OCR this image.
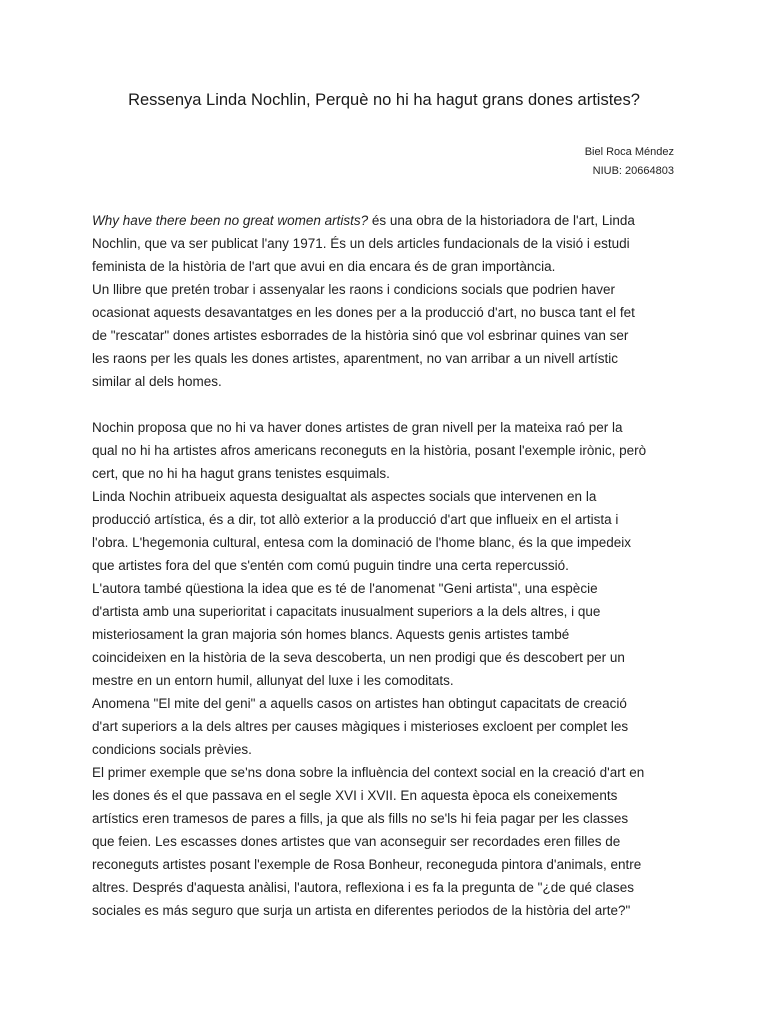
Ressenya Linda Nochlin, Perquè no hi ha hagut grans dones artistes?
Biel Roca Méndez
NIUB: 20664803
Why have there been no great women artists? és una obra de la historiadora de l'art, Linda
Nochlin, que va ser publicat l'any 1971. És un dels articles fundacionals de la visió i estudi
feminista de la història de l'art que avui en dia encara és de gran importància.
Un llibre que pretén trobar i assenyalar les raons i condicions socials que podrien haver
ocasionat aquests desavantatges en les dones per a la producció d'art, no busca tant el fet
de "rescatar" dones artistes esborrades de la història sinó que vol esbrinar quines van ser
les raons per les quals les dones artistes, aparentment, no van arribar a un nivell artístic
similar al dels homes.
Nochin proposa que no hi va haver dones artistes de gran nivell per la mateixa raó per la
qual no hi ha artistes afros americans reconeguts en la història, posant l'exemple irònic, però
cert, que no hi ha hagut grans tenistes esquimals.
Linda Nochin atribueix aquesta desigualtat als aspectes socials que intervenen en la
producció artística, és a dir, tot allò exterior a la producció d'art que influeix en el artista i
l'obra. L'hegemonia cultural, entesa com la dominació de l'home blanc, és la que impedeix
que artistes fora del que s'entén com comú puguin tindre una certa repercussió.
L'autora també qüestiona la idea que es té de l'anomenat "Geni artista", una espècie
d'artista amb una superioritat i capacitats inusualment superiors a la dels altres, i que
misteriosament la gran majoria són homes blancs. Aquests genis artistes també
coincideixen en la història de la seva descoberta, un nen prodigi que és descobert per un
mestre en un entorn humil, allunyat del luxe i les comoditats.
Anomena "El mite del geni" a aquells casos on artistes han obtingut capacitats de creació
d'art superiors a la dels altres per causes màgiques i misterioses excloent per complet les
condicions socials prèvies.
El primer exemple que se'ns dona sobre la influència del context social en la creació d'art en
les dones és el que passava en el segle XVI i XVII. En aquesta època els coneixements
artístics eren tramesos de pares a fills, ja que als fills no se'ls hi feia pagar per les classes
que feien. Les escasses dones artistes que van aconseguir ser recordades eren filles de
reconeguts artistes posant l'exemple de Rosa Bonheur, reconeguda pintora d'animals, entre
altres. Després d'aquesta anàlisi, l'autora, reflexiona i es fa la pregunta de "¿de qué clases
sociales es más seguro que surja un artista en diferentes periodos de la història del arte?"
